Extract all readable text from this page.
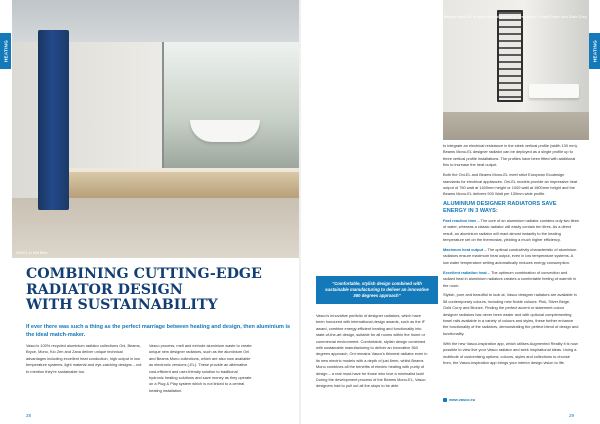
HEATING	HEATING
Oni-EL in Mid Blue
COMBINING CUTTING-EDGE
RADIATOR DESIGN
WITH SUSTAINABILITY

If ever there was such a thing as the perfect marriage between heating and design, then aluminium is the ideal match-maker.

Vasco's 100% recycled aluminium radiator collections Oni, Beams, Bryce, Mono, Kio Zen and Zana deliver unique technical advantages including excellent heat conduction, high output in low temperature systems, light material and eye-catching designs – not to mention they're sustainable too.

Vasco process, melt and extrude aluminium waste to create unique new designer radiators, such as the aluminium Oni and Beams Mono collections, which are also now available as electronic versions (-EL). These provide an alternative cost-efficient and user-friendly solution to traditional hydronic heating solutions and save money as they operate on a Plug & Play system which is not linked to a central heating installation.

28
"Comfortable, stylish design combined with sustainable manufacturing to deliver an innovative 360 degrees approach"

Vasco's innovative portfolio of designer radiators, which have been honoured with international design awards, such as the iF award, combine energy-efficient heating and functionality into state-of-the-art design, suitable for all rooms within the home or commercial environment. Comfortable, stylish design combined with sustainable manufacturing to deliver an innovative 360 degrees approach. Oni remains Vasco's thinnest radiator even in its new electric models with a depth of just 6mm, whilst Beams Mono combines all the benefits of electric heating with purity of design – a real must-have for those who love a minimalist look! During the development process of the Beams Mono-EL, Vasco designers had to pull out all the stops to be able

Beams Mono-EL in three vertical profiles in Grey Black, Forest Green and Slate Grey

to integrate an electrical resistance in the sleek vertical profile (width 130 mm). Beams Mono-EL designer radiator can be deployed as a single profile up to three vertical profile installations. The profiles have been fitted with additional fins to increase the heat output.

Both the Oni-EL and Beams Mono-EL meet strict European Ecodesign standards for electrical appliances. Oni-EL models provide an impressive heat output of 750 watt at 1400mm height or 1000 watt at 1800mm height and the Beams Mono-EL delivers 900 Watt per 130mm wide profile.

ALUMINIUM DESIGNER RADIATORS SAVE ENERGY IN 3 WAYS:

Fast reaction time – The core of an aluminium radiator contains only two litres of water, whereas a classic radiator will easily contain ten litres. As a direct result, an aluminium radiator will react almost instantly to the heating temperature set on the thermostat, yielding a much higher efficiency.

Maximum heat output – The optimal conductivity characteristic of aluminium radiators ensure maximum heat output, even in low temperature systems. A low water temperature setting automatically reduces energy consumption.

Excellent radiation heat – The optimum combination of convection and radiant heat in aluminium radiators creates a comfortable feeling of warmth in the room.

Stylish, pure and beautiful to look at, Vasco designer radiators are available in 58 contemporary colours, including new Noble colours: Pink, Silver Beige, Gold Curry and Bronze. Finding the perfect accent or statement colour designer radiators has never been easier and with optional complementing towel rails available in a variety of colours and styles, these further enhance the functionality of the radiators, demonstrating the perfect blend of design and functionality.

With the new Vasco-inspiration app, which utilises Augmented Reality it is now possible to view live your Vasco radiator and seek inspirational ideas. Using a multitude of customising options; colours, styles and collections to choose from, the Vasco-inspiration app brings your interior design vision to life.

www.vasco.eu
29
